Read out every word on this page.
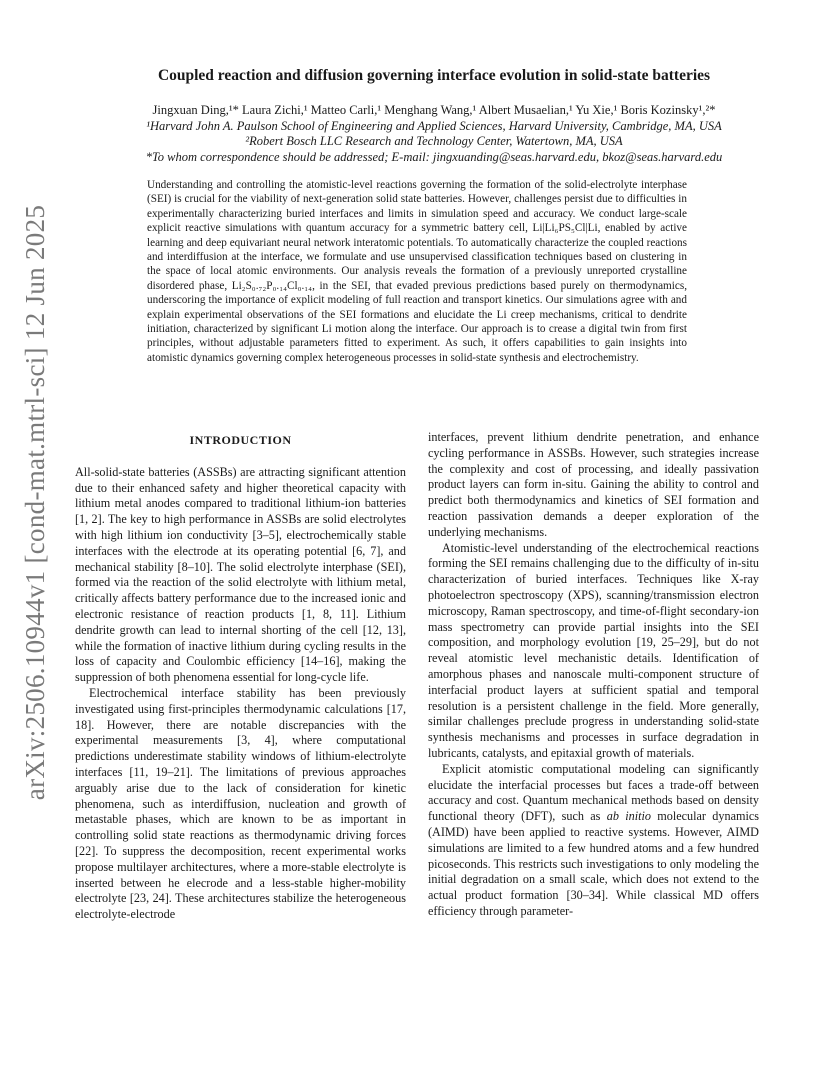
arXiv:2506.10944v1 [cond-mat.mtrl-sci] 12 Jun 2025
Coupled reaction and diffusion governing interface evolution in solid-state batteries
Jingxuan Ding,¹* Laura Zichi,¹ Matteo Carli,¹ Menghang Wang,¹ Albert Musaelian,¹ Yu Xie,¹ Boris Kozinsky¹,²*
¹Harvard John A. Paulson School of Engineering and Applied Sciences, Harvard University, Cambridge, MA, USA
²Robert Bosch LLC Research and Technology Center, Watertown, MA, USA
*To whom correspondence should be addressed; E-mail: jingxuanding@seas.harvard.edu, bkoz@seas.harvard.edu
Understanding and controlling the atomistic-level reactions governing the formation of the solid-electrolyte interphase (SEI) is crucial for the viability of next-generation solid state batteries. However, challenges persist due to difficulties in experimentally characterizing buried interfaces and limits in simulation speed and accuracy. We conduct large-scale explicit reactive simulations with quantum accuracy for a symmetric battery cell, Li|Li₆PS₅Cl|Li, enabled by active learning and deep equivariant neural network interatomic potentials. To automatically characterize the coupled reactions and interdiffusion at the interface, we formulate and use unsupervised classification techniques based on clustering in the space of local atomic environments. Our analysis reveals the formation of a previously unreported crystalline disordered phase, Li₂S₀.₇₂P₀.₁₄Cl₀.₁₄, in the SEI, that evaded previous predictions based purely on thermodynamics, underscoring the importance of explicit modeling of full reaction and transport kinetics. Our simulations agree with and explain experimental observations of the SEI formations and elucidate the Li creep mechanisms, critical to dendrite initiation, characterized by significant Li motion along the interface. Our approach is to crease a digital twin from first principles, without adjustable parameters fitted to experiment. As such, it offers capabilities to gain insights into atomistic dynamics governing complex heterogeneous processes in solid-state synthesis and electrochemistry.
INTRODUCTION

All-solid-state batteries (ASSBs) are attracting significant attention due to their enhanced safety and higher theoretical capacity with lithium metal anodes compared to traditional lithium-ion batteries [1, 2]. The key to high performance in ASSBs are solid electrolytes with high lithium ion conductivity [3–5], electrochemically stable interfaces with the electrode at its operating potential [6, 7], and mechanical stability [8–10]. The solid electrolyte interphase (SEI), formed via the reaction of the solid electrolyte with lithium metal, critically affects battery performance due to the increased ionic and electronic resistance of reaction products [1, 8, 11]. Lithium dendrite growth can lead to internal shorting of the cell [12, 13], while the formation of inactive lithium during cycling results in the loss of capacity and Coulombic efficiency [14–16], making the suppression of both phenomena essential for long-cycle life.

Electrochemical interface stability has been previously investigated using first-principles thermodynamic calculations [17, 18]. However, there are notable discrepancies with the experimental measurements [3, 4], where computational predictions underestimate stability windows of lithium-electrolyte interfaces [11, 19–21]. The limitations of previous approaches arguably arise due to the lack of consideration for kinetic phenomena, such as interdiffusion, nucleation and growth of metastable phases, which are known to be as important in controlling solid state reactions as thermodynamic driving forces [22]. To suppress the decomposition, recent experimental works propose multilayer architectures, where a more-stable electrolyte is inserted between he elecrode and a less-stable higher-mobility electrolyte [23, 24]. These architectures stabilize the heterogeneous electrolyte-electrode

interfaces, prevent lithium dendrite penetration, and enhance cycling performance in ASSBs. However, such strategies increase the complexity and cost of processing, and ideally passivation product layers can form in-situ. Gaining the ability to control and predict both thermodynamics and kinetics of SEI formation and reaction passivation demands a deeper exploration of the underlying mechanisms.

Atomistic-level understanding of the electrochemical reactions forming the SEI remains challenging due to the difficulty of in-situ characterization of buried interfaces. Techniques like X-ray photoelectron spectroscopy (XPS), scanning/transmission electron microscopy, Raman spectroscopy, and time-of-flight secondary-ion mass spectrometry can provide partial insights into the SEI composition, and morphology evolution [19, 25–29], but do not reveal atomistic level mechanistic details. Identification of amorphous phases and nanoscale multi-component structure of interfacial product layers at sufficient spatial and temporal resolution is a persistent challenge in the field. More generally, similar challenges preclude progress in understanding solid-state synthesis mechanisms and processes in surface degradation in lubricants, catalysts, and epitaxial growth of materials.

Explicit atomistic computational modeling can significantly elucidate the interfacial processes but faces a trade-off between accuracy and cost. Quantum mechanical methods based on density functional theory (DFT), such as ab initio molecular dynamics (AIMD) have been applied to reactive systems. However, AIMD simulations are limited to a few hundred atoms and a few hundred picoseconds. This restricts such investigations to only modeling the initial degradation on a small scale, which does not extend to the actual product formation [30–34]. While classical MD offers efficiency through parameter-
